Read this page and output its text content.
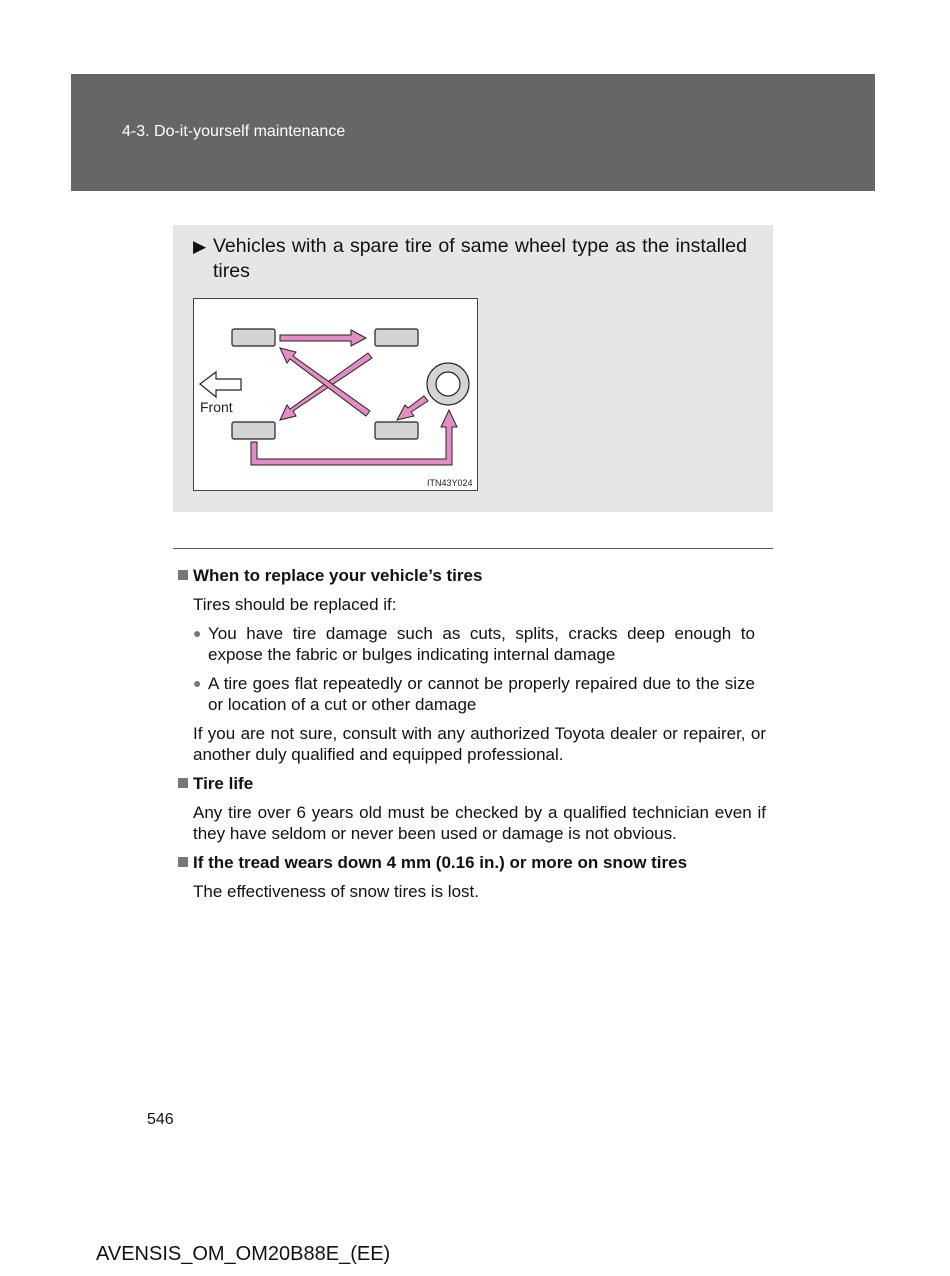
4-3. Do-it-yourself maintenance
▶ Vehicles with a spare tire of same wheel type as the installed tires
Front
ITN43Y024
When to replace your vehicle’s tires
Tires should be replaced if:
● You have tire damage such as cuts, splits, cracks deep enough to expose the fabric or bulges indicating internal damage
● A tire goes flat repeatedly or cannot be properly repaired due to the size or location of a cut or other damage
If you are not sure, consult with any authorized Toyota dealer or repairer, or another duly qualified and equipped professional.
Tire life
Any tire over 6 years old must be checked by a qualified technician even if they have seldom or never been used or damage is not obvious.
If the tread wears down 4 mm (0.16 in.) or more on snow tires
The effectiveness of snow tires is lost.
546
AVENSIS_OM_OM20B88E_(EE)
